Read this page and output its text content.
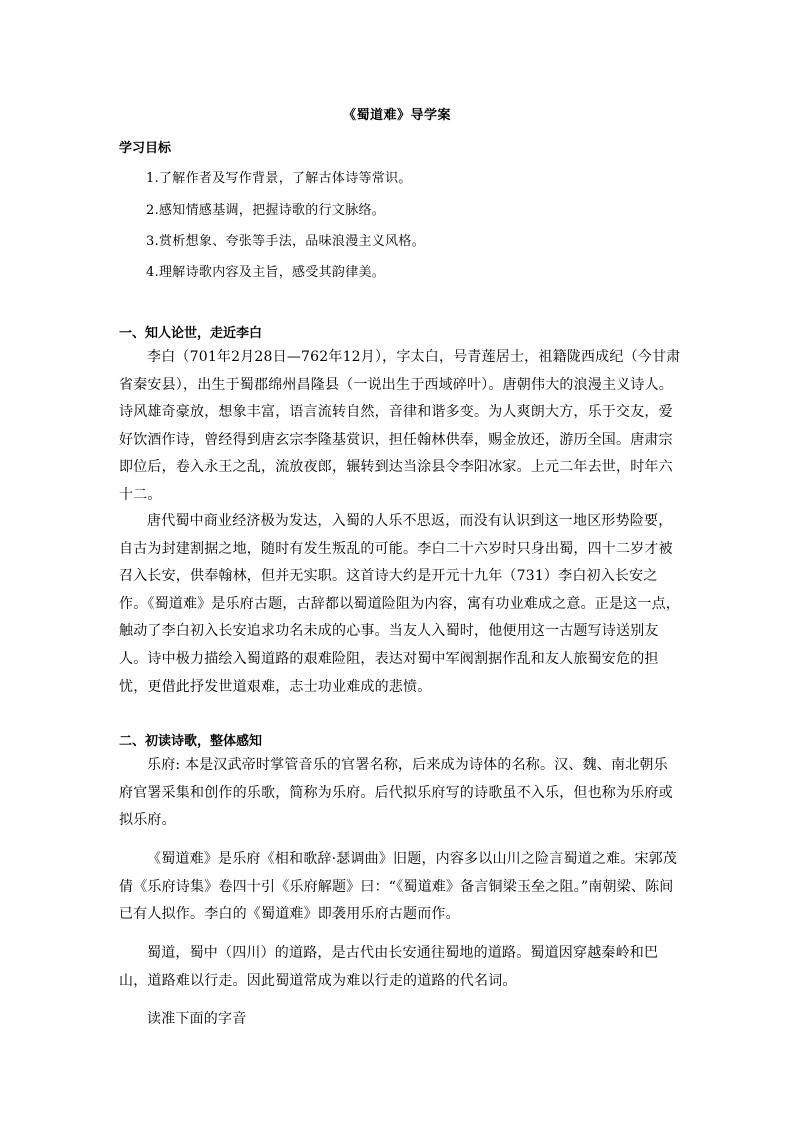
《蜀道难》导学案
学习目标
1.了解作者及写作背景，了解古体诗等常识。
2.感知情感基调，把握诗歌的行文脉络。
3.赏析想象、夸张等手法，品味浪漫主义风格。
4.理解诗歌内容及主旨，感受其韵律美。
一、知人论世，走近李白
李白（701年2月28日—762年12月），字太白，号青莲居士，祖籍陇西成纪（今甘肃省秦安县），出生于蜀郡绵州昌隆县（一说出生于西域碎叶）。唐朝伟大的浪漫主义诗人。诗风雄奇豪放，想象丰富，语言流转自然，音律和谐多变。为人爽朗大方，乐于交友，爱好饮酒作诗，曾经得到唐玄宗李隆基赏识，担任翰林供奉，赐金放还，游历全国。唐肃宗即位后，卷入永王之乱，流放夜郎，辗转到达当涂县令李阳冰家。上元二年去世，时年六十二。
唐代蜀中商业经济极为发达，入蜀的人乐不思返，而没有认识到这一地区形势险要，自古为封建割据之地，随时有发生叛乱的可能。李白二十六岁时只身出蜀，四十二岁才被召入长安，供奉翰林，但并无实职。这首诗大约是开元十九年（731）李白初入长安之作。《蜀道难》是乐府古题，古辞都以蜀道险阻为内容，寓有功业难成之意。正是这一点，触动了李白初入长安追求功名未成的心事。当友人入蜀时，他便用这一古题写诗送别友人。诗中极力描绘入蜀道路的艰难险阻，表达对蜀中军阀割据作乱和友人旅蜀安危的担忧，更借此抒发世道艰难，志士功业难成的悲愤。
二、初读诗歌，整体感知
乐府: 本是汉武帝时掌管音乐的官署名称，后来成为诗体的名称。汉、魏、南北朝乐府官署采集和创作的乐歌，简称为乐府。后代拟乐府写的诗歌虽不入乐，但也称为乐府或拟乐府。
《蜀道难》是乐府《相和歌辞·瑟调曲》旧题，内容多以山川之险言蜀道之难。宋郭茂倩《乐府诗集》卷四十引《乐府解题》曰：“《蜀道难》备言铜梁玉垒之阻。”南朝梁、陈间已有人拟作。李白的《蜀道难》即袭用乐府古题而作。
蜀道，蜀中（四川）的道路，是古代由长安通往蜀地的道路。蜀道因穿越秦岭和巴山，道路难以行走。因此蜀道常成为难以行走的道路的代名词。
读准下面的字音
